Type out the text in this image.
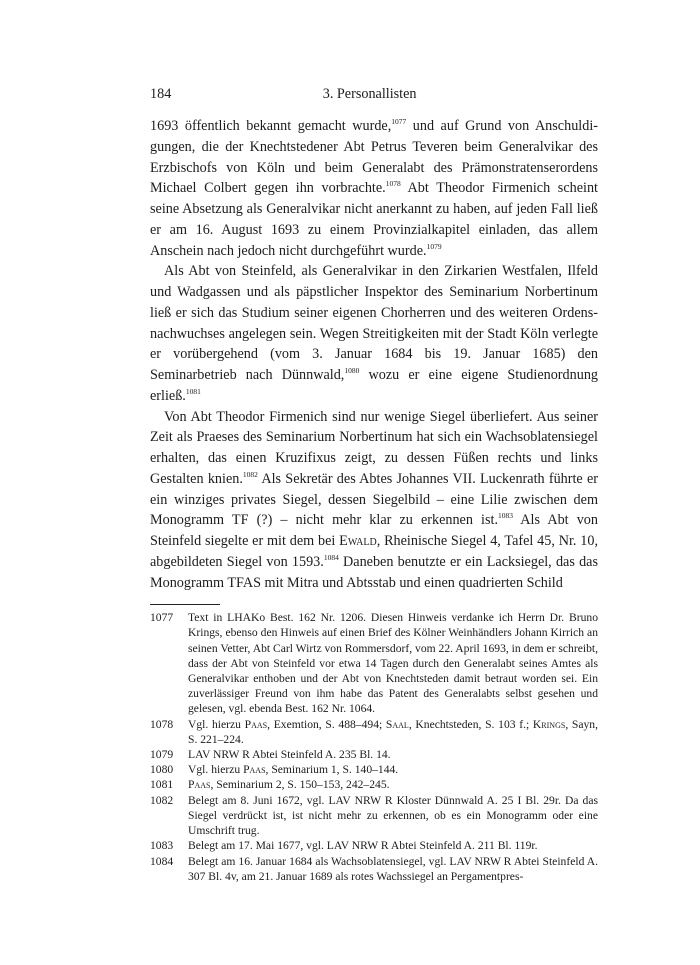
184	3. Personallisten

1693 öffentlich bekannt gemacht wurde,$^{1077}$ und auf Grund von Anschuldigungen, die der Knechtstedener Abt Petrus Teveren beim Generalvikar des Erzbischofs von Köln und beim Generalabt des Prämonstratenserordens Michael Colbert gegen ihn vorbrachte.$^{1078}$ Abt Theodor Firmenich scheint seine Absetzung als Generalvikar nicht anerkannt zu haben, auf jeden Fall ließ er am 16. August 1693 zu einem Provinzialkapitel einladen, das allem Anschein nach jedoch nicht durchgeführt wurde.$^{1079}$

Als Abt von Steinfeld, als Generalvikar in den Zirkarien Westfalen, Ilfeld und Wadgassen und als päpstlicher Inspektor des Seminarium Norbertinum ließ er sich das Studium seiner eigenen Chorherren und des weiteren Ordensnachwuchses angelegen sein. Wegen Streitigkeiten mit der Stadt Köln verlegte er vorübergehend (vom 3. Januar 1684 bis 19. Januar 1685) den Seminarbetrieb nach Dünnwald,$^{1080}$ wozu er eine eigene Studienordnung erließ.$^{1081}$

Von Abt Theodor Firmenich sind nur wenige Siegel überliefert. Aus seiner Zeit als Praeses des Seminarium Norbertinum hat sich ein Wachsoblatensiegel erhalten, das einen Kruzifixus zeigt, zu dessen Füßen rechts und links Gestalten knien.$^{1082}$ Als Sekretär des Abtes Johannes VII. Luckenrath führte er ein winziges privates Siegel, dessen Siegelbild – eine Lilie zwischen dem Monogramm TF (?) – nicht mehr klar zu erkennen ist.$^{1083}$ Als Abt von Steinfeld siegelte er mit dem bei Ewald, Rheinische Siegel 4, Tafel 45, Nr. 10, abgebildeten Siegel von 1593.$^{1084}$ Daneben benutzte er ein Lacksiegel, das das Monogramm TFAS mit Mitra und Abtsstab und einen quadrierten Schild

1077	Text in LHAKo Best. 162 Nr. 1206. Diesen Hinweis verdanke ich Herrn Dr. Bruno Krings, ebenso den Hinweis auf einen Brief des Kölner Weinhändlers Johann Kirrich an seinen Vetter, Abt Carl Wirtz von Rommersdorf, vom 22. April 1693, in dem er schreibt, dass der Abt von Steinfeld vor etwa 14 Tagen durch den Generalabt seines Amtes als Generalvikar enthoben und der Abt von Knechtsteden damit betraut worden sei. Ein zuverlässiger Freund von ihm habe das Patent des Generalabts selbst gesehen und gelesen, vgl. ebenda Best. 162 Nr. 1064.
1078	Vgl. hierzu Paas, Exemtion, S. 488–494; Saal, Knechtsteden, S. 103 f.; Krings, Sayn, S. 221–224.
1079	LAV NRW R Abtei Steinfeld A. 235 Bl. 14.
1080	Vgl. hierzu Paas, Seminarium 1, S. 140–144.
1081	Paas, Seminarium 2, S. 150–153, 242–245.
1082	Belegt am 8. Juni 1672, vgl. LAV NRW R Kloster Dünnwald A. 25 I Bl. 29r. Da das Siegel verdrückt ist, ist nicht mehr zu erkennen, ob es ein Monogramm oder eine Umschrift trug.
1083	Belegt am 17. Mai 1677, vgl. LAV NRW R Abtei Steinfeld A. 211 Bl. 119r.
1084	Belegt am 16. Januar 1684 als Wachsoblatensiegel, vgl. LAV NRW R Abtei Steinfeld A. 307 Bl. 4v, am 21. Januar 1689 als rotes Wachssiegel an Pergamentpres-
